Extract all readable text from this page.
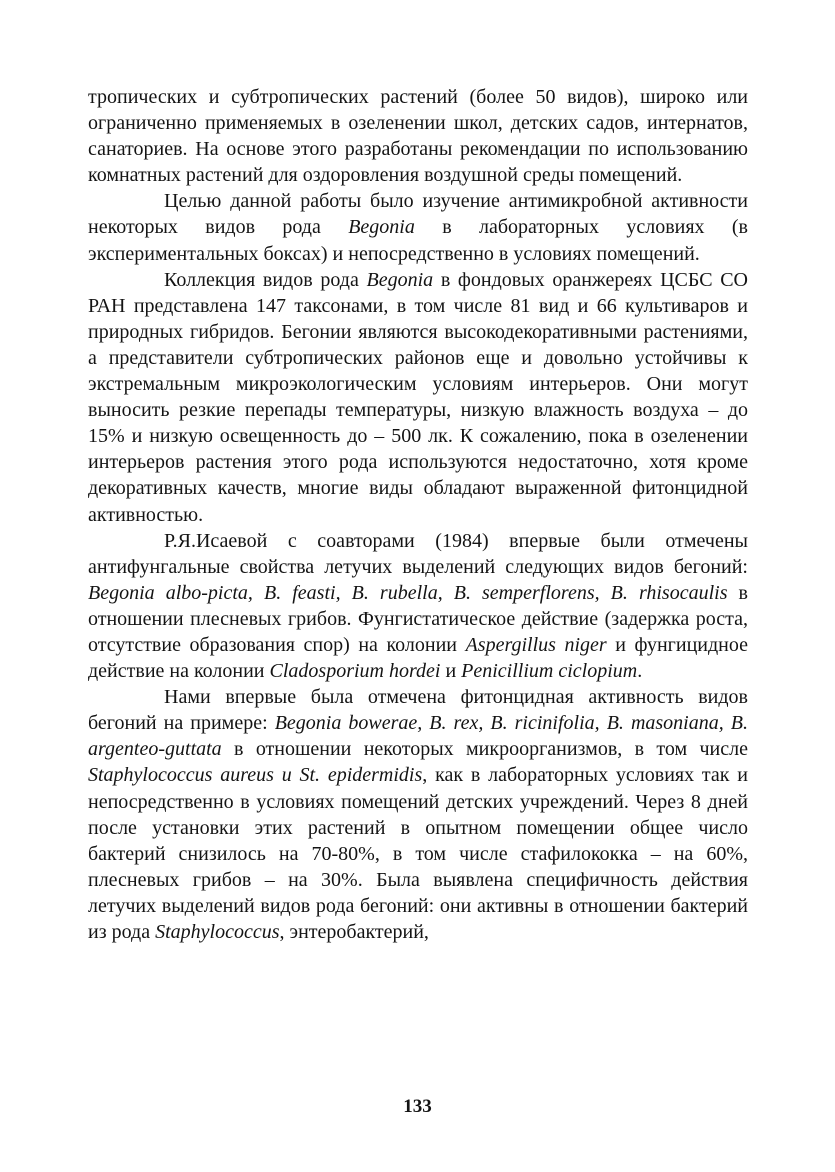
тропических и субтропических растений (более 50 видов), широко или ограниченно применяемых в озеленении школ, детских садов, интернатов, санаториев. На основе этого разработаны рекомендации по использованию комнатных растений для оздоровления воздушной среды помещений.

Целью данной работы было изучение антимикробной активности некоторых видов рода Begonia в лабораторных условиях (в экспериментальных боксах) и непосредственно в условиях помещений.

Коллекция видов рода Begonia в фондовых оранжереях ЦСБС СО РАН представлена 147 таксонами, в том числе 81 вид и 66 культиваров и природных гибридов. Бегонии являются высокодекоративными растениями, а представители субтропических районов еще и довольно устойчивы к экстремальным микроэкологическим условиям интерьеров. Они могут выносить резкие перепады температуры, низкую влажность воздуха – до 15% и низкую освещенность до – 500 лк. К сожалению, пока в озеленении интерьеров растения этого рода используются недостаточно, хотя кроме декоративных качеств, многие виды обладают выраженной фитонцидной активностью.

Р.Я.Исаевой с соавторами (1984) впервые были отмечены антифунгальные свойства летучих выделений следующих видов бегоний: Begonia albo-picta, B. feasti, B. rubella, B. semperflorens, B. rhisocaulis в отношении плесневых грибов. Фунгистатическое действие (задержка роста, отсутствие образования спор) на колонии Aspergillus niger и фунгицидное действие на колонии Cladosporium hordei и Penicillium ciclopium.

Нами впервые была отмечена фитонцидная активность видов бегоний на примере: Begonia bowerae, B. rex, B. ricinifolia, B. masoniana, B. argenteo-guttata в отношении некоторых микроорганизмов, в том числе Staphylococcus aureus и St. epidermidis, как в лабораторных условиях так и непосредственно в условиях помещений детских учреждений. Через 8 дней после установки этих растений в опытном помещении общее число бактерий снизилось на 70-80%, в том числе стафилококка – на 60%, плесневых грибов – на 30%. Была выявлена специфичность действия летучих выделений видов рода бегоний: они активны в отношении бактерий из рода Staphylococcus, энтеробактерий,

133
